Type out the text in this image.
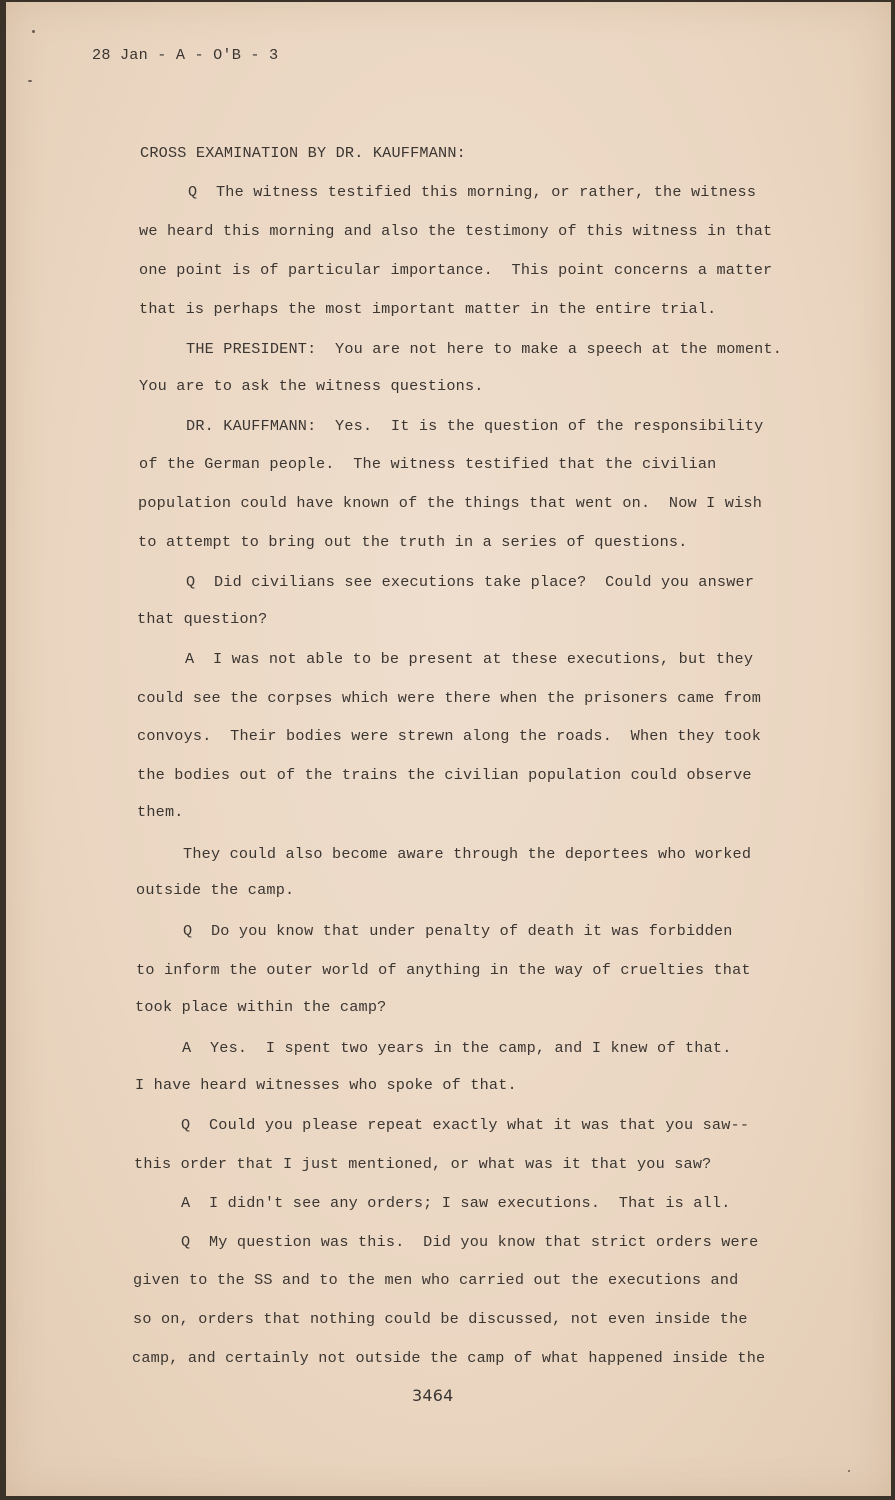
28 Jan - A - O'B - 3
CROSS EXAMINATION BY DR. KAUFFMANN:
Q  The witness testified this morning, or rather, the witness
we heard this morning and also the testimony of this witness in that
one point is of particular importance.  This point concerns a matter
that is perhaps the most important matter in the entire trial.
THE PRESIDENT:  You are not here to make a speech at the moment.
You are to ask the witness questions.
DR. KAUFFMANN:  Yes.  It is the question of the responsibility
of the German people.  The witness testified that the civilian
population could have known of the things that went on.  Now I wish
to attempt to bring out the truth in a series of questions.
Q  Did civilians see executions take place?  Could you answer
that question?
A  I was not able to be present at these executions, but they
could see the corpses which were there when the prisoners came from
convoys.  Their bodies were strewn along the roads.  When they took
the bodies out of the trains the civilian population could observe
them.
They could also become aware through the deportees who worked
outside the camp.
Q  Do you know that under penalty of death it was forbidden
to inform the outer world of anything in the way of cruelties that
took place within the camp?
A  Yes.  I spent two years in the camp, and I knew of that.
I have heard witnesses who spoke of that.
Q  Could you please repeat exactly what it was that you saw--
this order that I just mentioned, or what was it that you saw?
A  I didn't see any orders; I saw executions.  That is all.
Q  My question was this.  Did you know that strict orders were
given to the SS and to the men who carried out the executions and
so on, orders that nothing could be discussed, not even inside the
camp, and certainly not outside the camp of what happened inside the
3464
